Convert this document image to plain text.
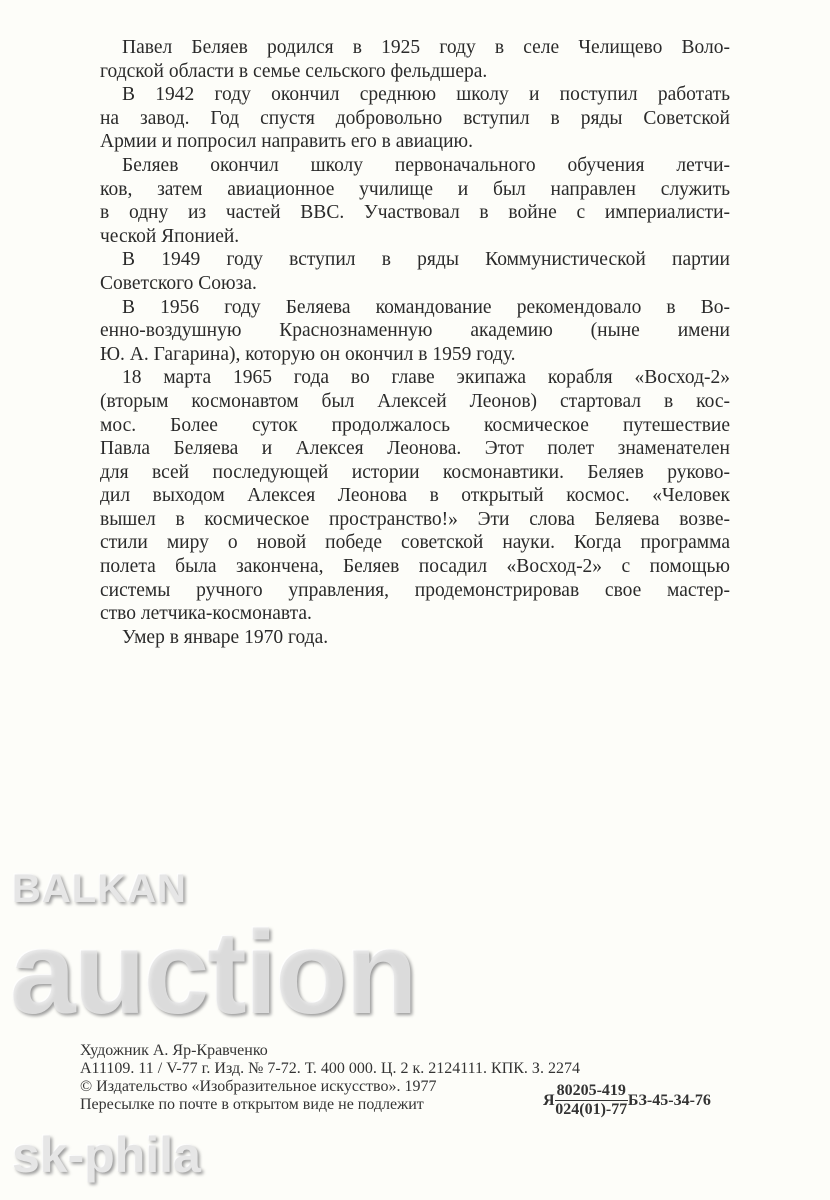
Павел Беляев родился в 1925 году в селе Челищево Воло-
годской области в семье сельского фельдшера.
В 1942 году окончил среднюю школу и поступил работать
на завод. Год спустя добровольно вступил в ряды Советской
Армии и попросил направить его в авиацию.
Беляев окончил школу первоначального обучения летчи-
ков, затем авиационное училище и был направлен служить
в одну из частей ВВС. Участвовал в войне с империалисти-
ческой Японией.
В 1949 году вступил в ряды Коммунистической партии
Советского Союза.
В 1956 году Беляева командование рекомендовало в Во-
енно-воздушную Краснознаменную академию (ныне имени
Ю. А. Гагарина), которую он окончил в 1959 году.
18 марта 1965 года во главе экипажа корабля «Восход-2»
(вторым космонавтом был Алексей Леонов) стартовал в кос-
мос. Более суток продолжалось космическое путешествие
Павла Беляева и Алексея Леонова. Этот полет знаменателен
для всей последующей истории космонавтики. Беляев руково-
дил выходом Алексея Леонова в открытый космос. «Человек
вышел в космическое пространство!» Эти слова Беляева возве-
стили миру о новой победе советской науки. Когда программа
полета была закончена, Беляев посадил «Восход-2» с помощью
системы ручного управления, продемонстрировав свое мастер-
ство летчика-космонавта.
Умер в январе 1970 года.
BALKAN
auction
sk-phila
Художник А. Яр-Кравченко
А11109. 11 / V-77 г. Изд. № 7-72. Т. 400 000. Ц. 2 к. 2124111. КПК. З. 2274
© Издательство «Изобразительное искусство». 1977
Пересылке по почте в открытом виде не подлежит	Я $\frac{80205-419}{024(01)-77} БЗ-45-34-76$
